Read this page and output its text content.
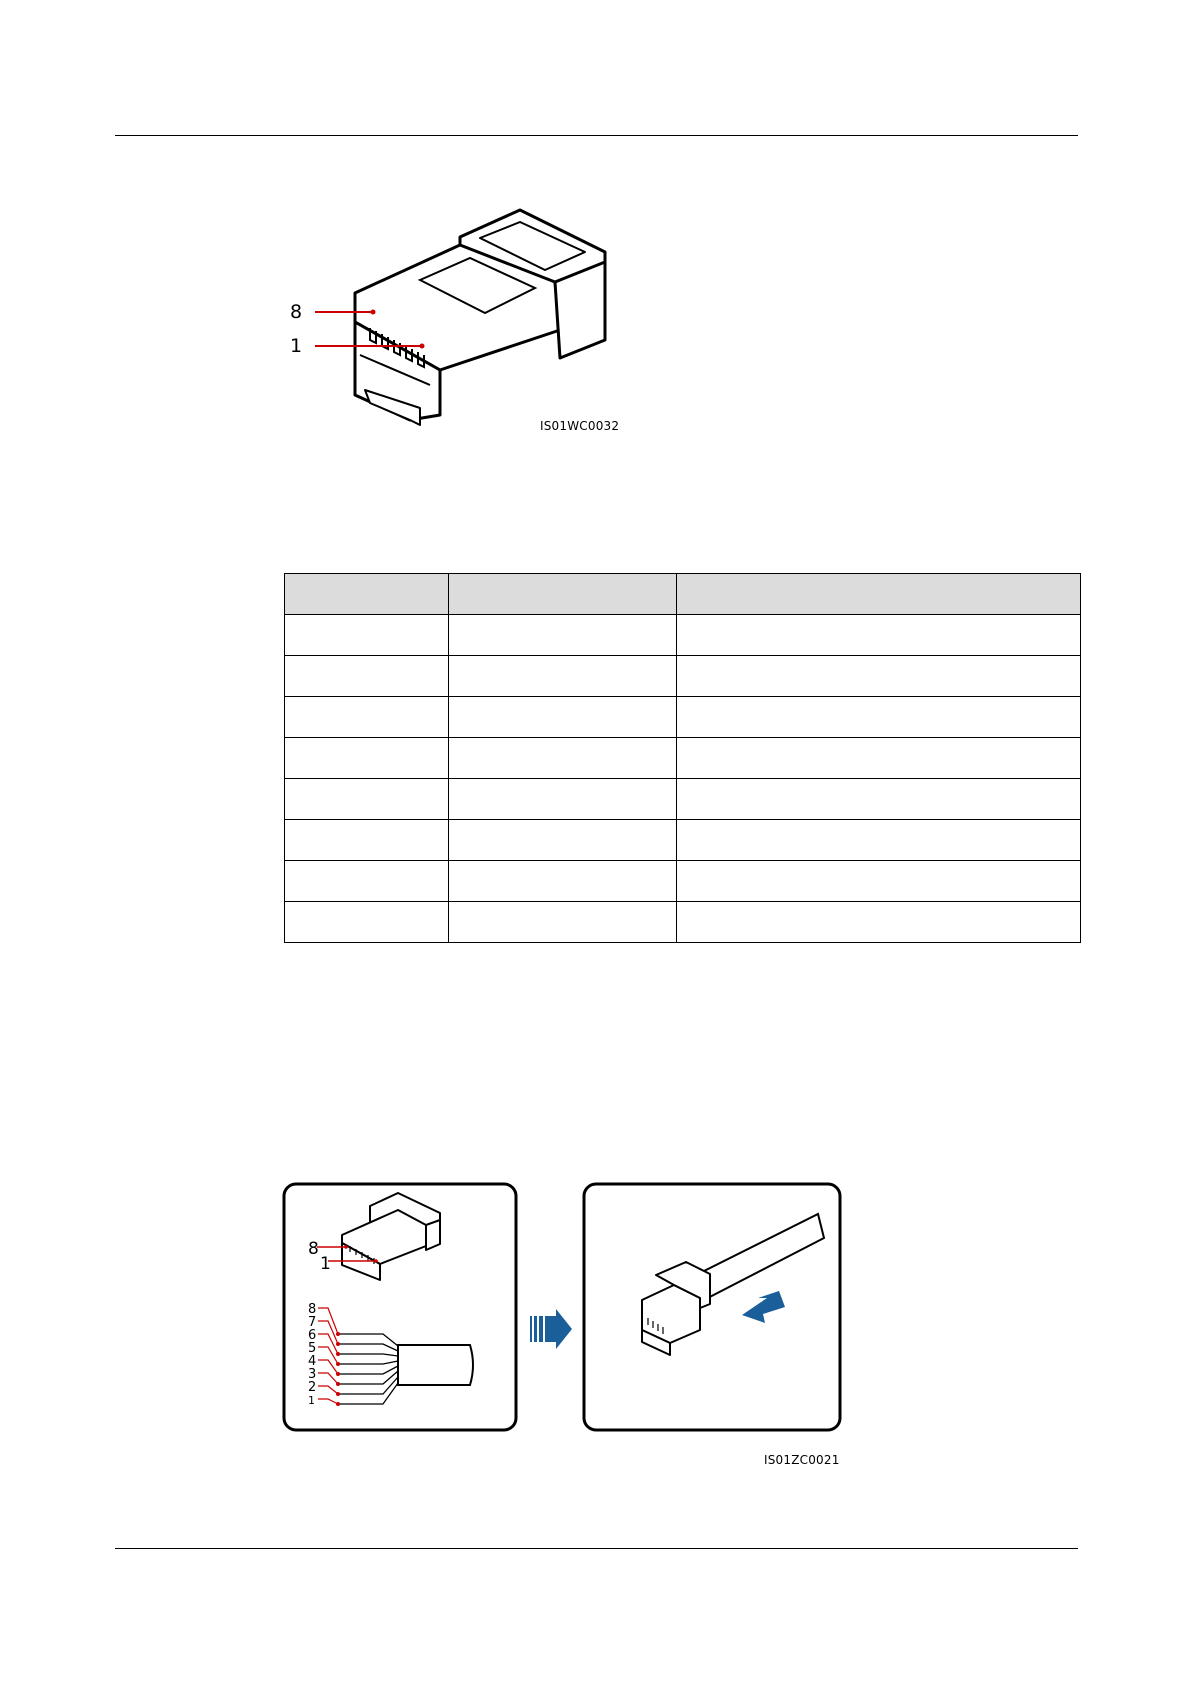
8
1
IS01WC0032

8
1
8
7
6
5
4
3
2
1
IS01ZC0021
